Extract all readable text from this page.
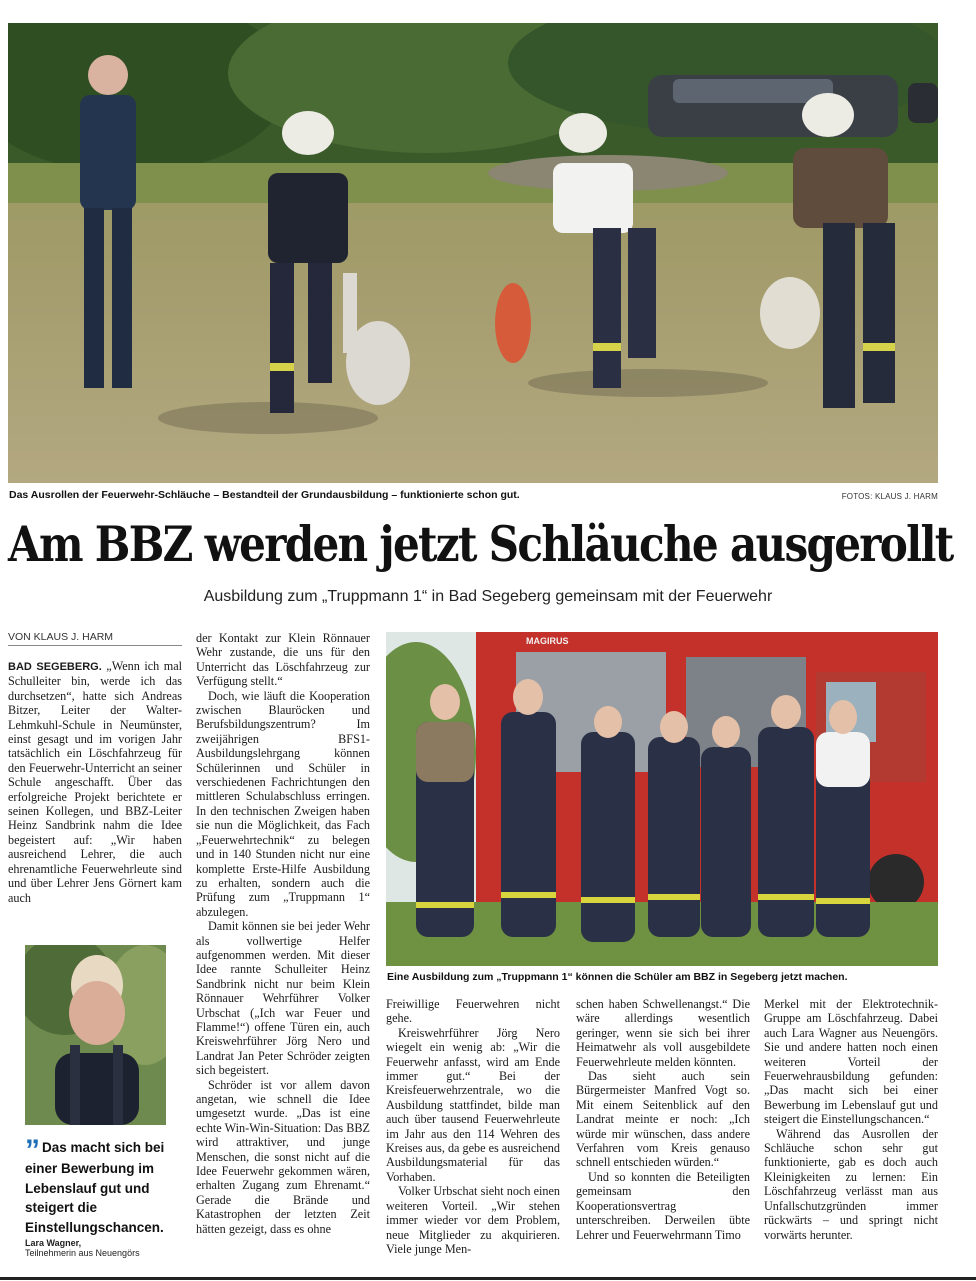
Das Ausrollen der Feuerwehr-Schläuche – Bestandteil der Grundausbildung – funktionierte schon gut.	FOTOS: KLAUS J. HARM
Am BBZ werden jetzt Schläuche ausgerollt
Ausbildung zum „Truppmann 1“ in Bad Segeberg gemeinsam mit der Feuerwehr
VON KLAUS J. HARM

BAD SEGEBERG. „Wenn ich mal Schulleiter bin, werde ich das durchsetzen“, hatte sich Andreas Bitzer, Leiter der Walter-Lehmkuhl-Schule in Neumünster, einst gesagt und im vorigen Jahr tatsächlich ein Löschfahrzeug für den Feuerwehr-Unterricht an seiner Schule angeschafft. Über das erfolgreiche Projekt berichtete er seinen Kollegen, und BBZ-Leiter Heinz Sandbrink nahm die Idee begeistert auf: „Wir haben ausreichend Lehrer, die auch ehrenamtliche Feuerwehrleute sind und über Lehrer Jens Görnert kam auch

” Das macht sich bei einer Bewerbung im Lebenslauf gut und steigert die Einstellungschancen.
Lara Wagner,
Teilnehmerin aus Neuengörs

der Kontakt zur Klein Rönnauer Wehr zustande, die uns für den Unterricht das Löschfahrzeug zur Verfügung stellt.“

Doch, wie läuft die Kooperation zwischen Blauröcken und Berufsbildungszentrum? Im zweijährigen BFS1-Ausbildungslehrgang können Schülerinnen und Schüler in verschiedenen Fachrichtungen den mittleren Schulabschluss erringen. In den technischen Zweigen haben sie nun die Möglichkeit, das Fach „Feuerwehrtechnik“ zu belegen und in 140 Stunden nicht nur eine komplette Erste-Hilfe Ausbildung zu erhalten, sondern auch die Prüfung zum „Truppmann 1“ abzulegen.

Damit können sie bei jeder Wehr als vollwertige Helfer aufgenommen werden. Mit dieser Idee rannte Schulleiter Heinz Sandbrink nicht nur beim Klein Rönnauer Wehrführer Volker Urbschat („Ich war Feuer und Flamme!“) offene Türen ein, auch Kreiswehrführer Jörg Nero und Landrat Jan Peter Schröder zeigten sich begeistert.

Schröder ist vor allem davon angetan, wie schnell die Idee umgesetzt wurde. „Das ist eine echte Win-Win-Situation: Das BBZ wird attraktiver, und junge Menschen, die sonst nicht auf die Idee Feuerwehr gekommen wären, erhalten Zugang zum Ehrenamt.“ Gerade die Brände und Katastrophen der letzten Zeit hätten gezeigt, dass es ohne

MAGIRUS
Eine Ausbildung zum „Truppmann 1“ können die Schüler am BBZ in Segeberg jetzt machen.

Freiwillige Feuerwehren nicht gehe.

Kreiswehrführer Jörg Nero wiegelt ein wenig ab: „Wir die Feuerwehr anfasst, wird am Ende immer gut.“ Bei der Kreisfeuerwehrzentrale, wo die Ausbildung stattfindet, bilde man auch über tausend Feuerwehrleute im Jahr aus den 114 Wehren des Kreises aus, da gebe es ausreichend Ausbildungsmaterial für das Vorhaben.

Volker Urbschat sieht noch einen weiteren Vorteil. „Wir stehen immer wieder vor dem Problem, neue Mitglieder zu akquirieren. Viele junge Men-

schen haben Schwellenangst.“ Die wäre allerdings wesentlich geringer, wenn sie sich bei ihrer Heimatwehr als voll ausgebildete Feuerwehrleute melden könnten.

Das sieht auch sein Bürgermeister Manfred Vogt so. Mit einem Seitenblick auf den Landrat meinte er noch: „Ich würde mir wünschen, dass andere Verfahren vom Kreis genauso schnell entschieden würden.“

Und so konnten die Beteiligten gemeinsam den Kooperationsvertrag unterschreiben. Derweilen übte Lehrer und Feuerwehrmann Timo

Merkel mit der Elektrotechnik-Gruppe am Löschfahrzeug. Dabei auch Lara Wagner aus Neuengörs. Sie und andere hatten noch einen weiteren Vorteil der Feuerwehrausbildung gefunden: „Das macht sich bei einer Bewerbung im Lebenslauf gut und steigert die Einstellungschancen.“

Während das Ausrollen der Schläuche schon sehr gut funktionierte, gab es doch auch Kleinigkeiten zu lernen: Ein Löschfahrzeug verlässt man aus Unfallschutzgründen immer rückwärts – und springt nicht vorwärts herunter.
